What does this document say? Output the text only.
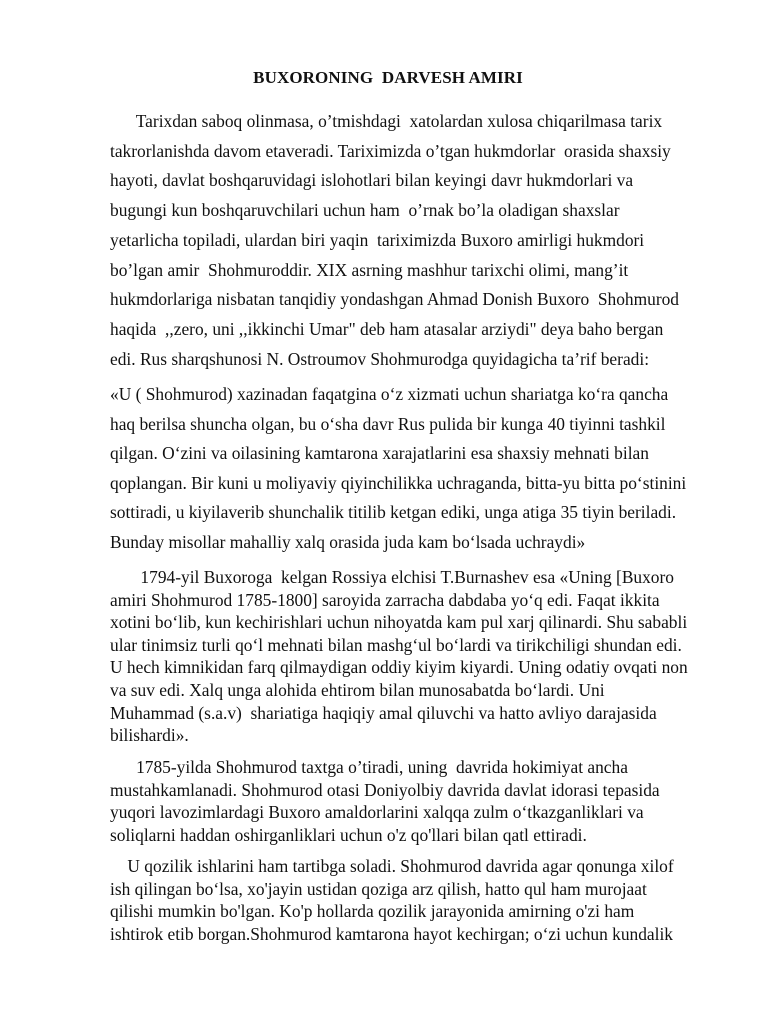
BUXORONING  DARVESH AMIRI
Tarixdan saboq olinmasa, o’tmishdagi  xatolardan xulosa chiqarilmasa tarix
takrorlanishda davom etaveradi. Tariximizda o’tgan hukmdorlar  orasida shaxsiy
hayoti, davlat boshqaruvidagi islohotlari bilan keyingi davr hukmdorlari va
bugungi kun boshqaruvchilari uchun ham  o’rnak bo’la oladigan shaxslar
yetarlicha topiladi, ulardan biri yaqin  tariximizda Buxoro amirligi hukmdori
bo’lgan amir  Shohmuroddir. XIX asrning mashhur tarixchi olimi, mang’it
hukmdorlariga nisbatan tanqidiy yondashgan Ahmad Donish Buxoro  Shohmurod
haqida  ,,zero, uni ,,ikkinchi Umar" deb ham atasalar arziydi" deya baho bergan
edi. Rus sharqshunosi N. Ostroumov Shohmurodga quyidagicha ta’rif beradi:
«U ( Shohmurod) xazinadan faqatgina o‘z xizmati uchun shariatga ko‘ra qancha
haq berilsa shuncha olgan, bu o‘sha davr Rus pulida bir kunga 40 tiyinni tashkil
qilgan. O‘zini va oilasining kamtarona xarajatlarini esa shaxsiy mehnati bilan
qoplangan. Bir kuni u moliyaviy qiyinchilikka uchraganda, bitta-yu bitta po‘stinini
sottiradi, u kiyilaverib shunchalik titilib ketgan ediki, unga atiga 35 tiyin beriladi.
Bunday misollar mahalliy xalq orasida juda kam bo‘lsada uchraydi»
1794-yil Buxoroga  kelgan Rossiya elchisi T.Burnashev esa «Uning [Buxoro
amiri Shohmurod 1785-1800] saroyida zarracha dabdaba yo‘q edi. Faqat ikkita
xotini bo‘lib, kun kechirishlari uchun nihoyatda kam pul xarj qilinardi. Shu sababli
ular tinimsiz turli qo‘l mehnati bilan mashg‘ul bo‘lardi va tirikchiligi shundan edi.
U hech kimnikidan farq qilmaydigan oddiy kiyim kiyardi. Uning odatiy ovqati non
va suv edi. Xalq unga alohida ehtirom bilan munosabatda bo‘lardi. Uni
Muhammad (s.a.v)  shariatiga haqiqiy amal qiluvchi va hatto avliyo darajasida
bilishardi».
1785-yilda Shohmurod taxtga o’tiradi, uning  davrida hokimiyat ancha
mustahkamlanadi. Shohmurod otasi Doniyolbiy davrida davlat idorasi tepasida
yuqori lavozimlardagi Buxoro amaldorlarini xalqqa zulm o‘tkazganliklari va
soliqlarni haddan oshirganliklari uchun o'z qo'llari bilan qatl ettiradi.
U qozilik ishlarini ham tartibga soladi. Shohmurod davrida agar qonunga xilof
ish qilingan bo‘lsa, xo'jayin ustidan qoziga arz qilish, hatto qul ham murojaat
qilishi mumkin bo'lgan. Ko'p hollarda qozilik jarayonida amirning o'zi ham
ishtirok etib borgan.Shohmurod kamtarona hayot kechirgan; o‘zi uchun kundalik
